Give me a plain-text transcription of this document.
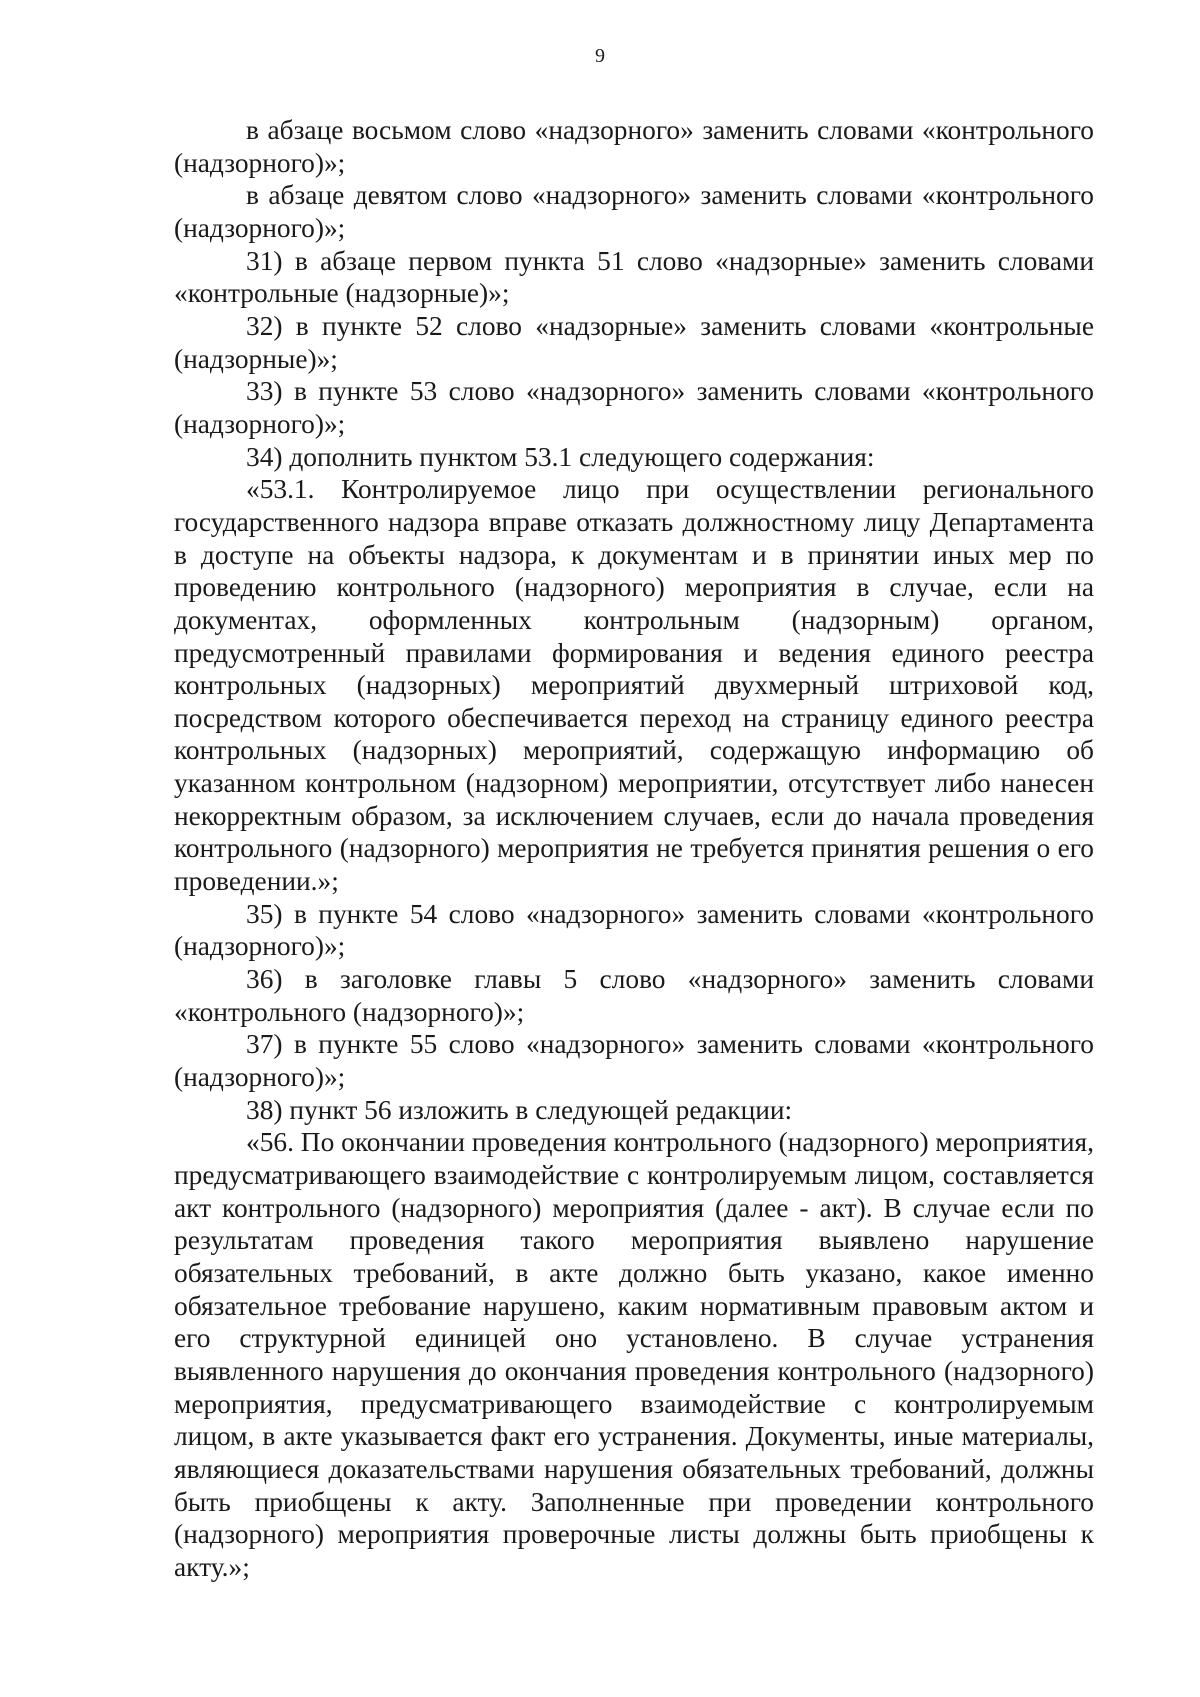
9

в абзаце восьмом слово «надзорного» заменить словами «контрольного (надзорного)»;

в абзаце девятом слово «надзорного» заменить словами «контрольного (надзорного)»;

31) в абзаце первом пункта 51 слово «надзорные» заменить словами «контрольные (надзорные)»;

32) в пункте 52 слово «надзорные» заменить словами «контрольные (надзорные)»;

33) в пункте 53 слово «надзорного» заменить словами «контрольного (надзорного)»;

34) дополнить пунктом 53.1 следующего содержания:

«53.1. Контролируемое лицо при осуществлении регионального государственного надзора вправе отказать должностному лицу Департамента в доступе на объекты надзора, к документам и в принятии иных мер по проведению контрольного (надзорного) мероприятия в случае, если на документах, оформленных контрольным (надзорным) органом, предусмотренный правилами формирования и ведения единого реестра контрольных (надзорных) мероприятий двухмерный штриховой код, посредством которого обеспечивается переход на страницу единого реестра контрольных (надзорных) мероприятий, содержащую информацию об указанном контрольном (надзорном) мероприятии, отсутствует либо нанесен некорректным образом, за исключением случаев, если до начала проведения контрольного (надзорного) мероприятия не требуется принятия решения о его проведении.»;

35) в пункте 54 слово «надзорного» заменить словами «контрольного (надзорного)»;

36) в заголовке главы 5 слово «надзорного» заменить словами «контрольного (надзорного)»;

37) в пункте 55 слово «надзорного» заменить словами «контрольного (надзорного)»;

38) пункт 56 изложить в следующей редакции:

«56. По окончании проведения контрольного (надзорного) мероприятия, предусматривающего взаимодействие с контролируемым лицом, составляется акт контрольного (надзорного) мероприятия (далее - акт). В случае если по результатам проведения такого мероприятия выявлено нарушение обязательных требований, в акте должно быть указано, какое именно обязательное требование нарушено, каким нормативным правовым актом и его структурной единицей оно установлено. В случае устранения выявленного нарушения до окончания проведения контрольного (надзорного) мероприятия, предусматривающего взаимодействие с контролируемым лицом, в акте указывается факт его устранения. Документы, иные материалы, являющиеся доказательствами нарушения обязательных требований, должны быть приобщены к акту. Заполненные при проведении контрольного (надзорного) мероприятия проверочные листы должны быть приобщены к акту.»;
